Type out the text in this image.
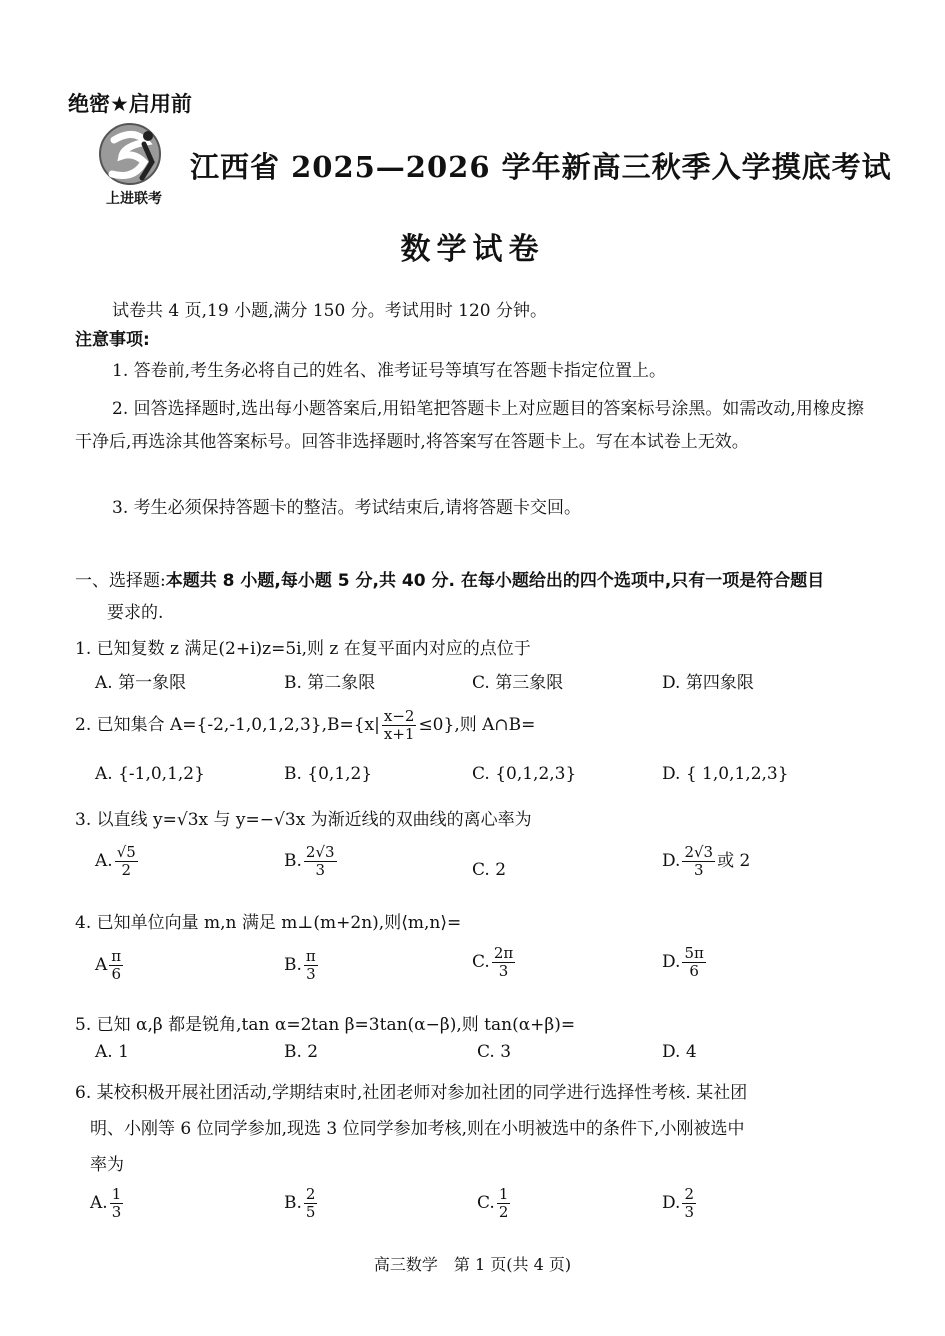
绝密★启用前
上进联考
江西省 2025—2026 学年新高三秋季入学摸底考试
数学试卷
试卷共 4 页,19 小题,满分 150 分。考试用时 120 分钟。
注意事项:
1. 答卷前,考生务必将自己的姓名、准考证号等填写在答题卡指定位置上。
2. 回答选择题时,选出每小题答案后,用铅笔把答题卡上对应题目的答案标号涂黑。如需改动,用橡皮擦干净后,再选涂其他答案标号。回答非选择题时,将答案写在答题卡上。写在本试卷上无效。
3. 考生必须保持答题卡的整洁。考试结束后,请将答题卡交回。
一、选择题:本题共 8 小题,每小题 5 分,共 40 分. 在每小题给出的四个选项中,只有一项是符合题目
要求的.
1. 已知复数 z 满足(2+i)z=5i,则 z 在复平面内对应的点位于
A. 第一象限	B. 第二象限	C. 第三象限	D. 第四象限
2. 已知集合 $A=\{-2,-1,0,1,2,3\},B=\{x| \frac{x-2}{x+1} \le 0\}$,则 A∩B=
A. {-1,0,1,2}	B. {0,1,2}	C. {0,1,2,3}	D. { 1,0,1,2,3}
3. 以直线 y=√3x 与 y=−√3x 为渐近线的双曲线的离心率为
A. $\frac{√5}{2}$	B. $\frac{2√3}{3}$	C. 2	D. $\frac{2√3}{3}$ 或 2
4. 已知单位向量 m,n 满足 m⊥(m+2n),则⟨m,n⟩=
A $\frac{\pi}{6}$	B. $\frac{\pi}{3}$	C. $\frac{2\pi}{3}$	D. $\frac{5\pi}{6}$
5. 已知 α,β 都是锐角,tan α=2tan β=3tan(α−β),则 tan(α+β)=
A. 1	B. 2	C. 3	D. 4
6. 某校积极开展社团活动,学期结束时,社团老师对参加社团的同学进行选择性考核. 某社团
明、小刚等 6 位同学参加,现选 3 位同学参加考核,则在小明被选中的条件下,小刚被选中
率为
A. $\frac{1}{3}$	B. $\frac{2}{5}$	C. $\frac{1}{2}$	D. $\frac{2}{3}$
高三数学　第 1 页(共 4 页)
